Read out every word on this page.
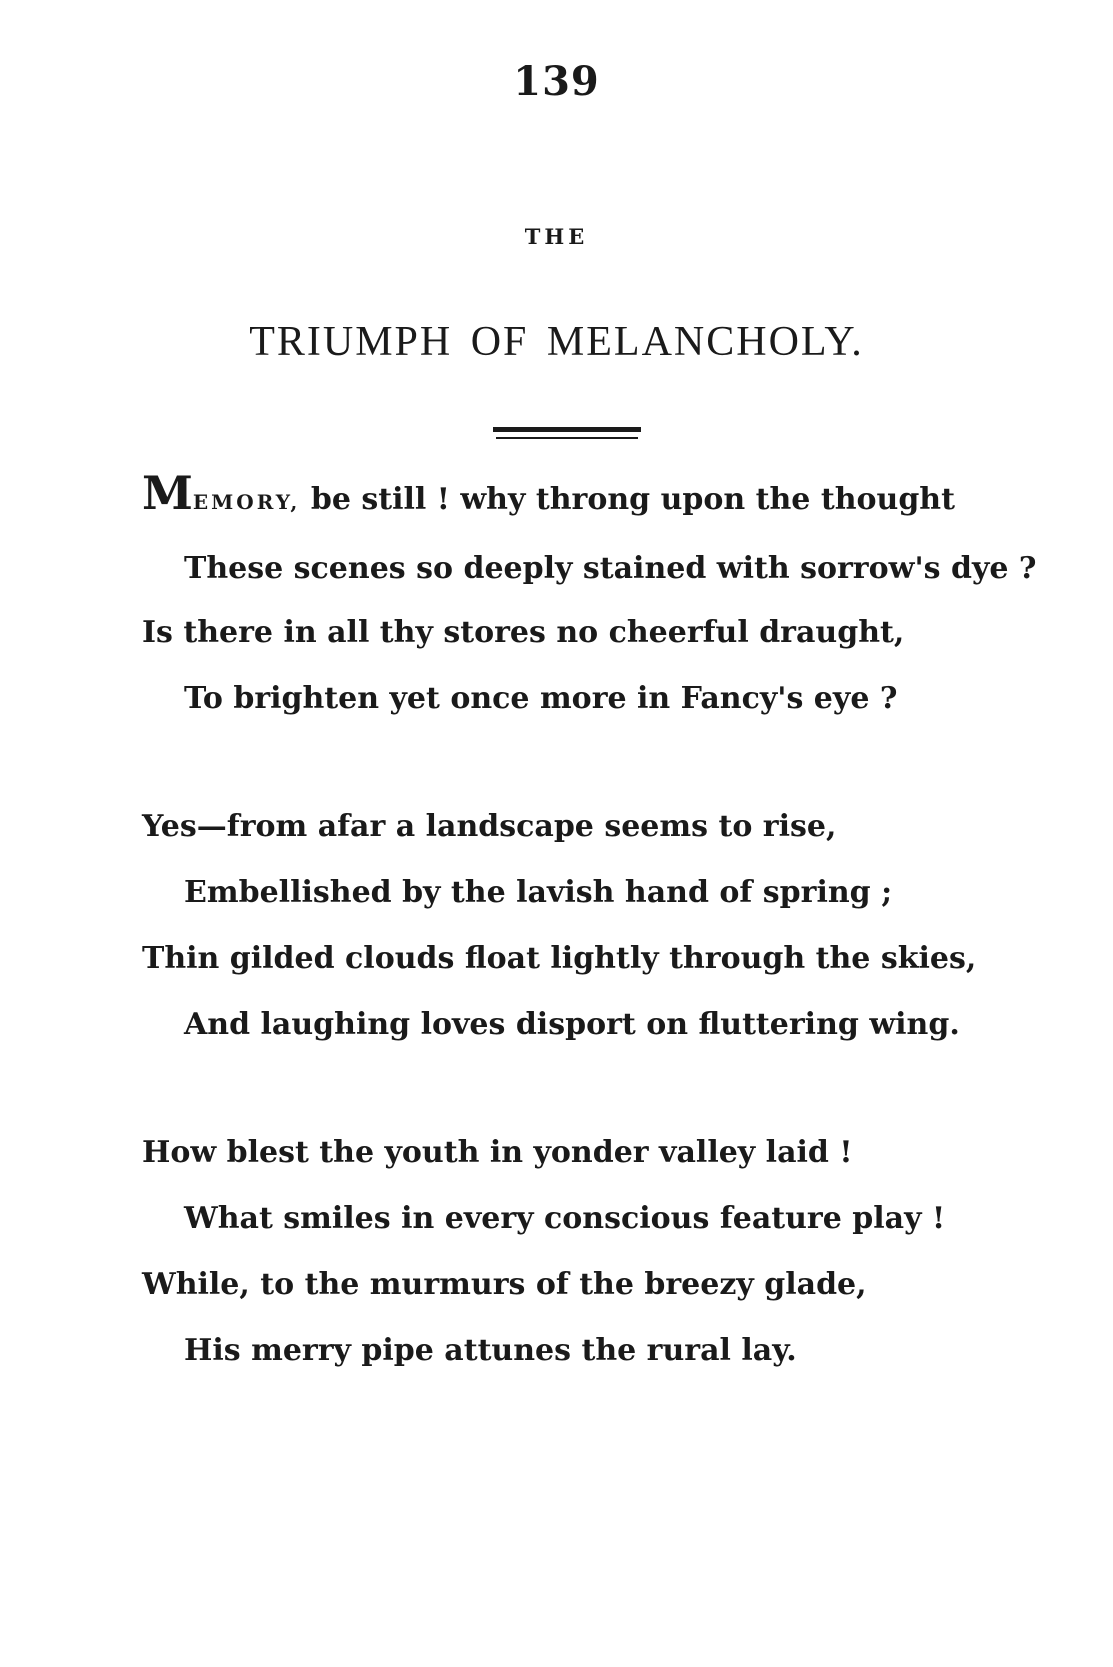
139
THE
TRIUMPH OF MELANCHOLY.
MEMORY, be still ! why throng upon the thought
These scenes so deeply stained with sorrow's dye ?
Is there in all thy stores no cheerful draught,
To brighten yet once more in Fancy's eye ?
Yes—from afar a landscape seems to rise,
Embellished by the lavish hand of spring ;
Thin gilded clouds float lightly through the skies,
And laughing loves disport on fluttering wing.
How blest the youth in yonder valley laid !
What smiles in every conscious feature play !
While, to the murmurs of the breezy glade,
His merry pipe attunes the rural lay.
